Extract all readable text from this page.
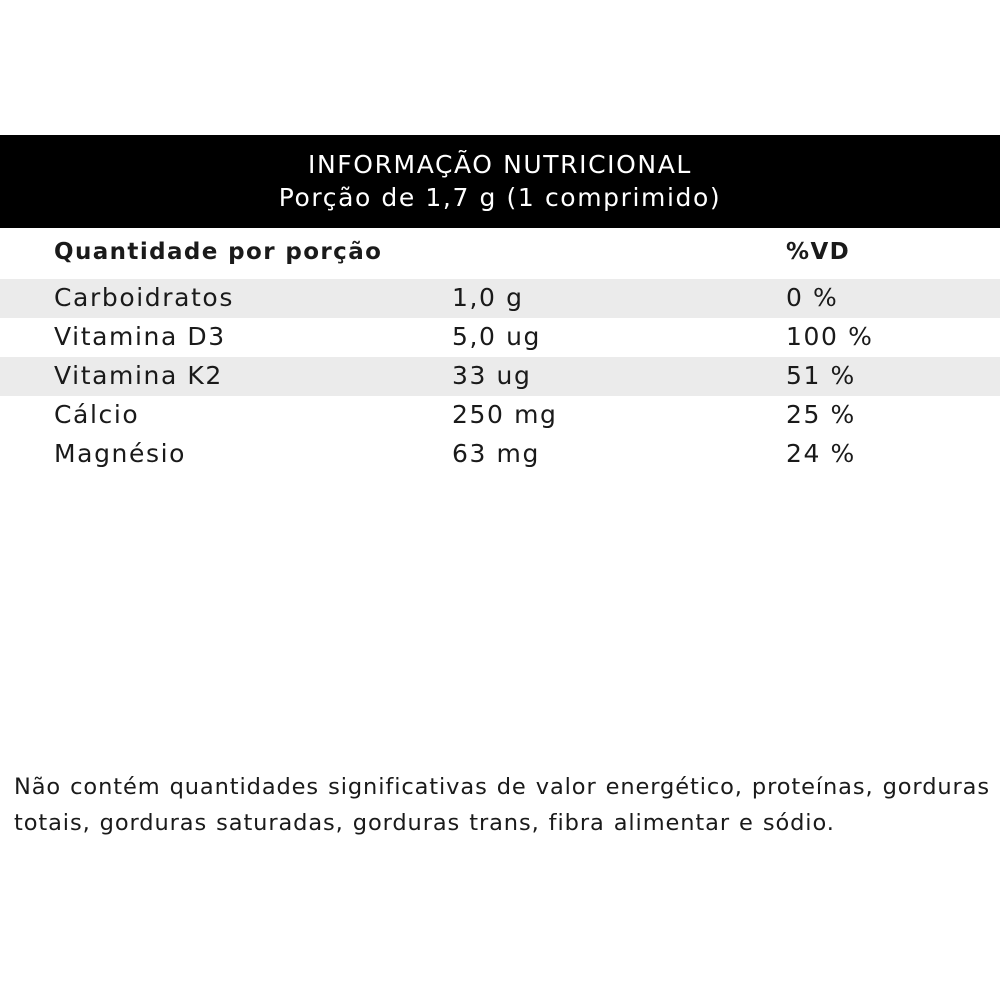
INFORMAÇÃO NUTRICIONAL
Porção de 1,7 g (1 comprimido)
Quantidade por porção	%VD
Carboidratos	1,0 g	0 %
Vitamina D3	5,0 ug	100 %
Vitamina K2	33 ug	51 %
Cálcio	250 mg	25 %
Magnésio	63 mg	24 %

Não contém quantidades significativas de valor energético, proteínas, gorduras totais, gorduras saturadas, gorduras trans, fibra alimentar e sódio.
